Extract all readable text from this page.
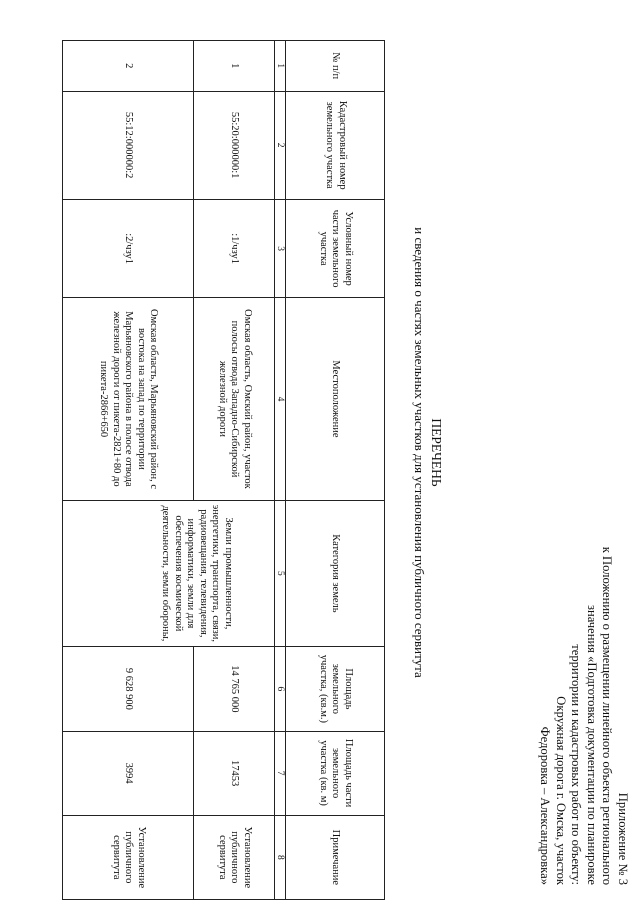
Приложение № 3
к Положению о размещении линейного объекта регионального
значения «Подготовка документации по планировке
территории и кадастровых работ по объекту:
Окружная дорога г. Омска, участок
Федоровка – Александровка»
ПЕРЕЧЕНЬ
и сведения о частях земельных участков для установления публичного сервитута
№ п/п	Кадастровый номер земельного участка	Условный номер части земельного участка	Местоположение	Категория земель	Площадь земельного участка, (кв.м.)	Площадь части земельного участка (кв. м)	Примечание
1	2	3	4	5	6	7	8
1	55:20:000000:1	:1/чзу1	Омская область, Омский район, участок полосы отвода Западно-Сибирской железной дороги	Земли промышленности, энергетики, транспорта, связи, радиовещания, телевидения, информатики, земли для обеспечения космической деятельности, земли обороны,	14 765 000	17453	Установление публичного сервитута
2	55:12:000000:2	:2/чзу1	Омская область, Марьяновский район, с востока на запад по территории Марьяновского района в полосе отвода железной дороги от пикета-2821+80 до пикета-2866+650		9 628 900	3994	Установление публичного сервитута
